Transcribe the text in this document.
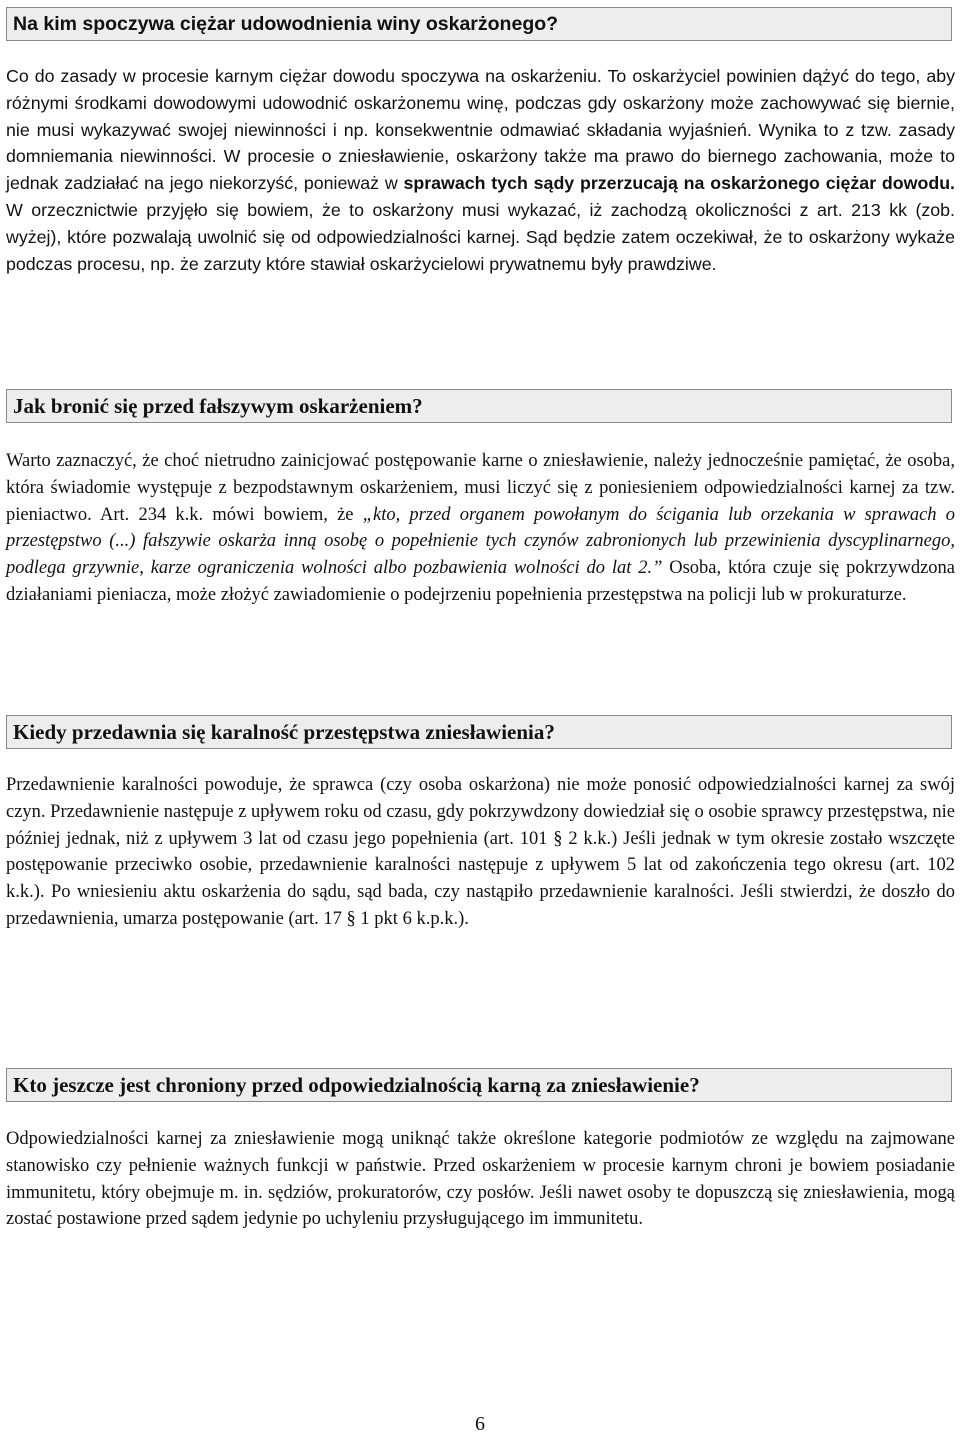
Na kim spoczywa ciężar udowodnienia winy oskarżonego?

Co do zasady w procesie karnym ciężar dowodu spoczywa na oskarżeniu. To oskarżyciel powinien dążyć do tego, aby różnymi środkami dowodowymi udowodnić oskarżonemu winę, podczas gdy oskarżony może zachowywać się biernie, nie musi wykazywać swojej niewinności i np. konsekwentnie odmawiać składania wyjaśnień. Wynika to z tzw. zasady domniemania niewinności. W procesie o zniesławienie, oskarżony także ma prawo do biernego zachowania, może to jednak zadziałać na jego niekorzyść, ponieważ w sprawach tych sądy przerzucają na oskarżonego ciężar dowodu. W orzecznictwie przyjęło się bowiem, że to oskarżony musi wykazać, iż zachodzą okoliczności z art. 213 kk (zob. wyżej), które pozwalają uwolnić się od odpowiedzialności karnej. Sąd będzie zatem oczekiwał, że to oskarżony wykaże podczas procesu, np. że zarzuty które stawiał oskarżycielowi prywatnemu były prawdziwe.

Jak bronić się przed fałszywym oskarżeniem?

Warto zaznaczyć, że choć nietrudno zainicjować postępowanie karne o zniesławienie, należy jednocześnie pamiętać, że osoba, która świadomie występuje z bezpodstawnym oskarżeniem, musi liczyć się z poniesieniem odpowiedzialności karnej za tzw. pieniactwo. Art. 234 k.k. mówi bowiem, że „kto, przed organem powołanym do ścigania lub orzekania w sprawach o przestępstwo (...) fałszywie oskarża inną osobę o popełnienie tych czynów zabronionych lub przewinienia dyscyplinarnego, podlega grzywnie, karze ograniczenia wolności albo pozbawienia wolności do lat 2.” Osoba, która czuje się pokrzywdzona działaniami pieniacza, może złożyć zawiadomienie o podejrzeniu popełnienia przestępstwa na policji lub w prokuraturze.

Kiedy przedawnia się karalność przestępstwa zniesławienia?

Przedawnienie karalności powoduje, że sprawca (czy osoba oskarżona) nie może ponosić odpowiedzialności karnej za swój czyn. Przedawnienie następuje z upływem roku od czasu, gdy pokrzywdzony dowiedział się o osobie sprawcy przestępstwa, nie później jednak, niż z upływem 3 lat od czasu jego popełnienia (art. 101 § 2 k.k.) Jeśli jednak w tym okresie zostało wszczęte postępowanie przeciwko osobie, przedawnienie karalności następuje z upływem 5 lat od zakończenia tego okresu (art. 102 k.k.). Po wniesieniu aktu oskarżenia do sądu, sąd bada, czy nastąpiło przedawnienie karalności. Jeśli stwierdzi, że doszło do przedawnienia, umarza postępowanie (art. 17 § 1 pkt 6 k.p.k.).

Kto jeszcze jest chroniony przed odpowiedzialnością karną za zniesławienie?

Odpowiedzialności karnej za zniesławienie mogą uniknąć także określone kategorie podmiotów ze względu na zajmowane stanowisko czy pełnienie ważnych funkcji w państwie. Przed oskarżeniem w procesie karnym chroni je bowiem posiadanie immunitetu, który obejmuje m. in. sędziów, prokuratorów, czy posłów. Jeśli nawet osoby te dopuszczą się zniesławienia, mogą zostać postawione przed sądem jedynie po uchyleniu przysługującego im immunitetu.

6
